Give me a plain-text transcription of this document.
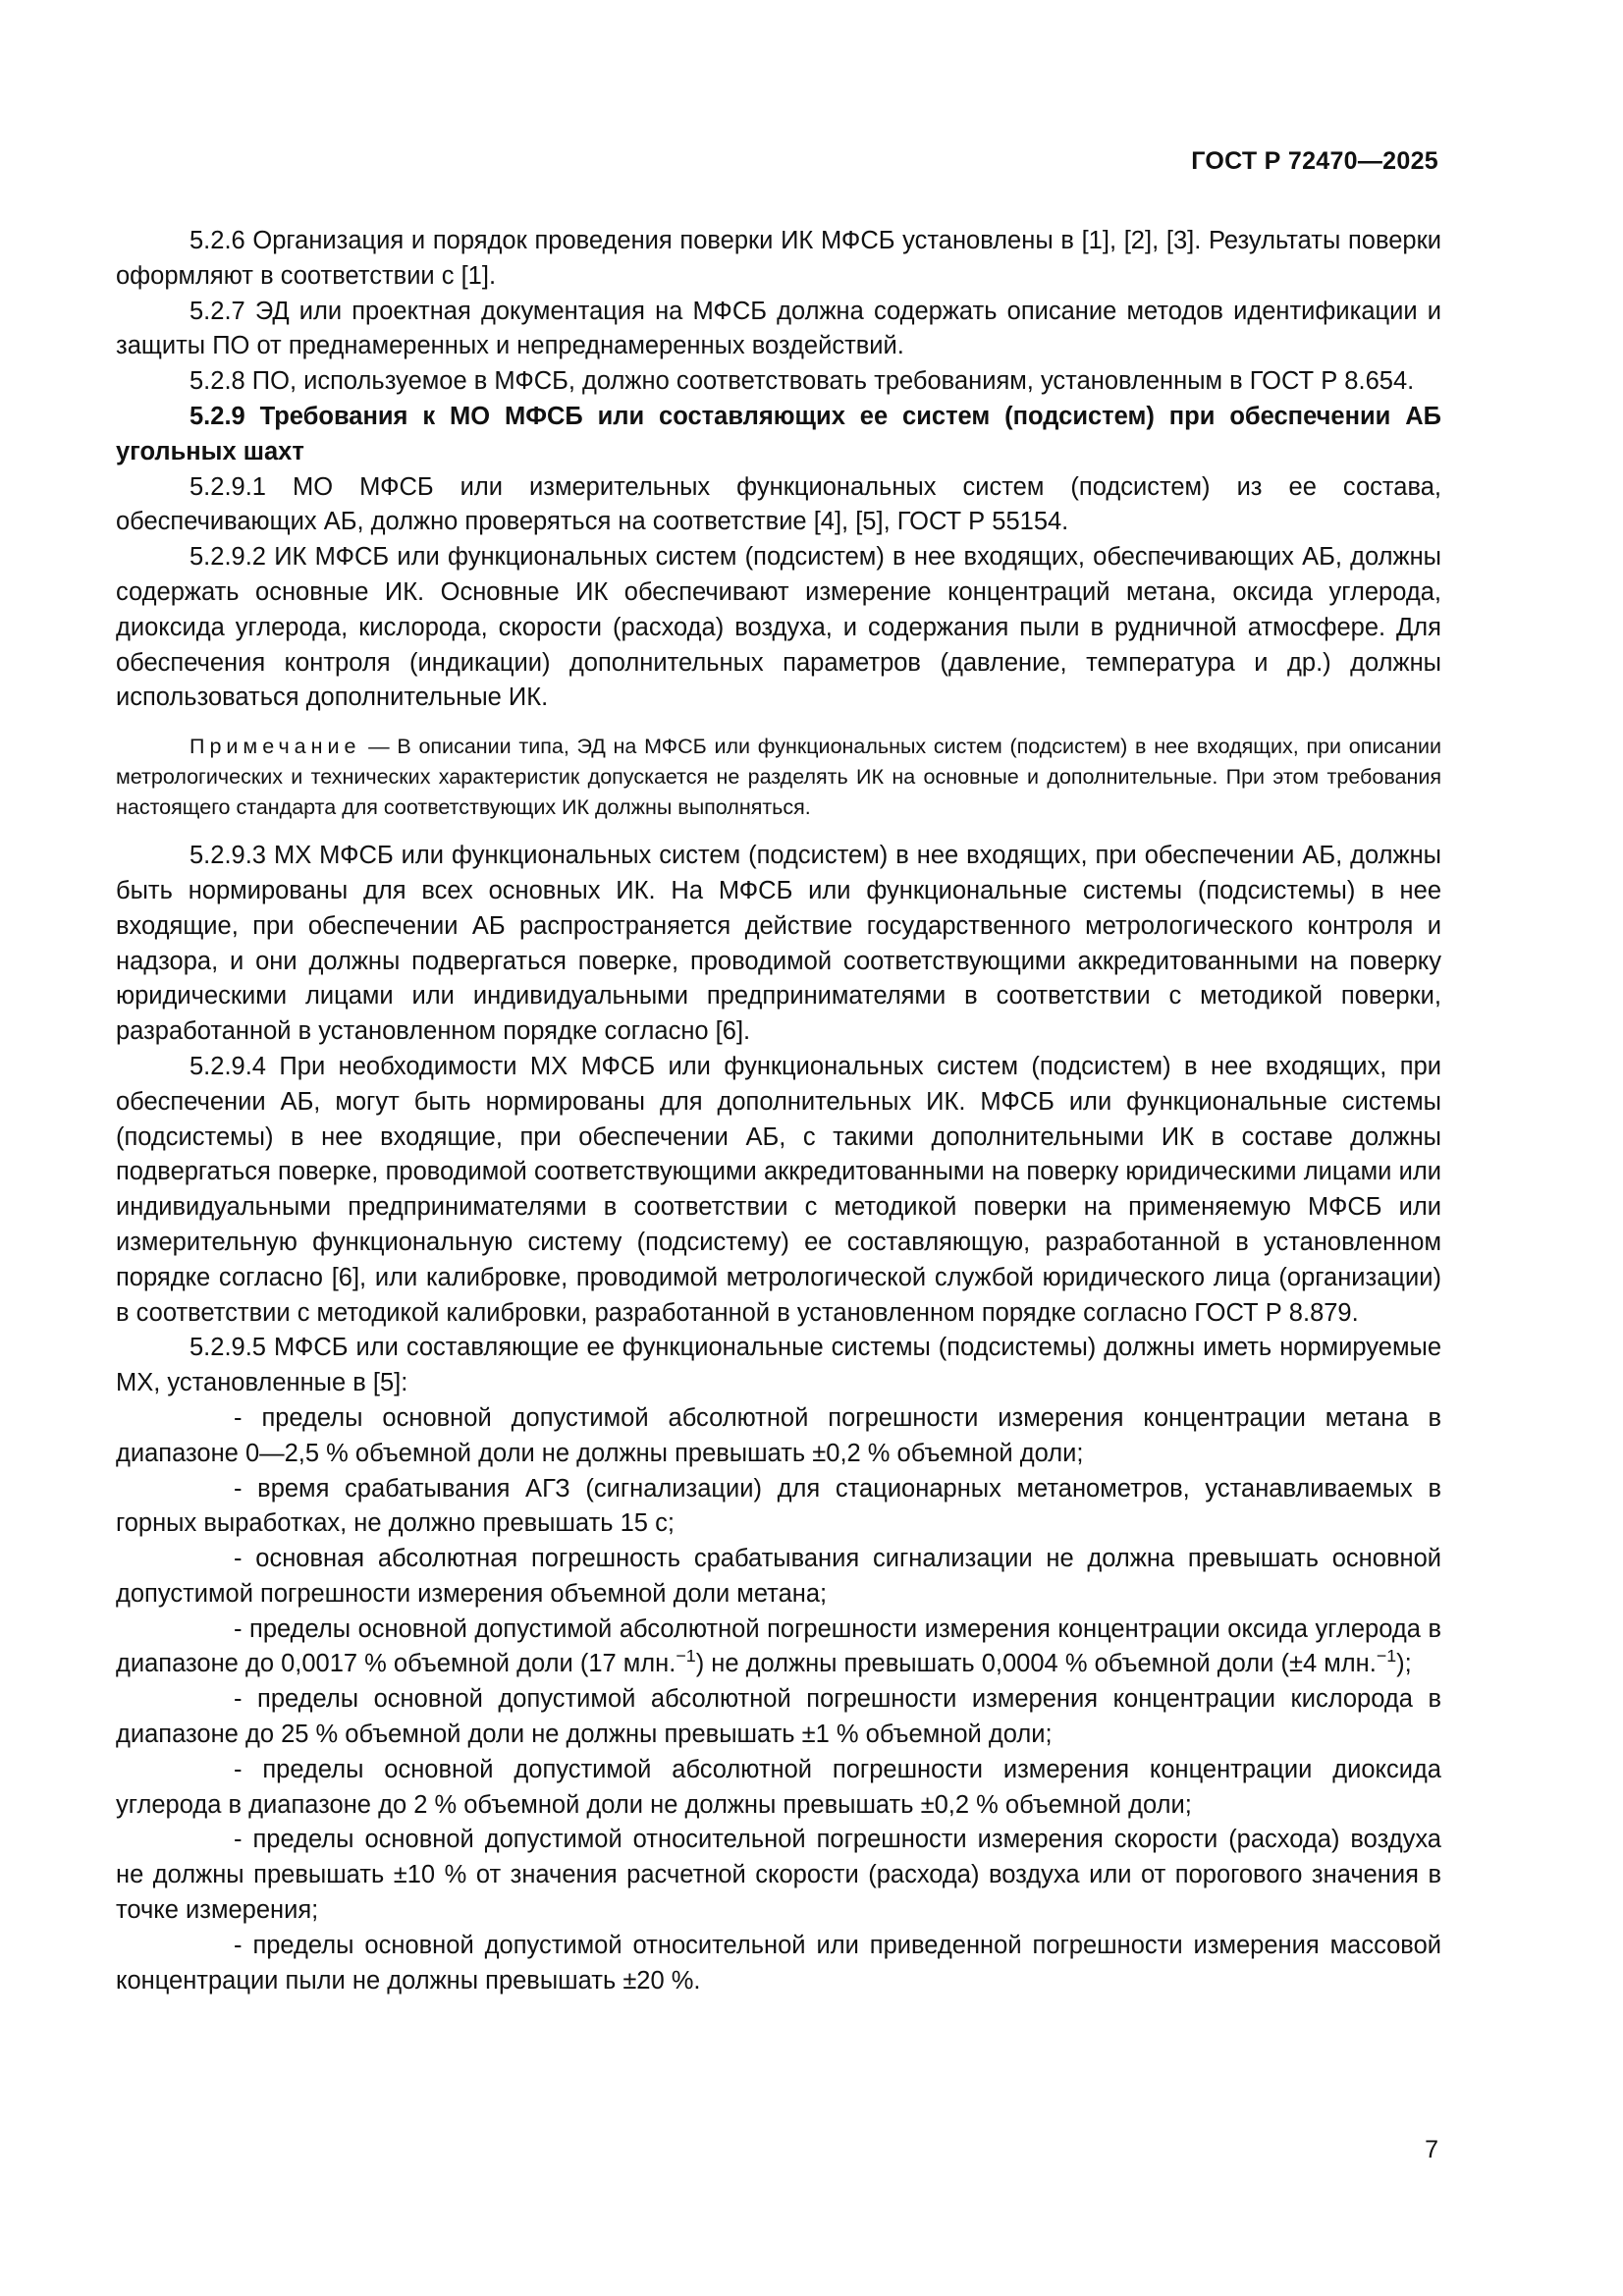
ГОСТ Р 72470—2025

5.2.6 Организация и порядок проведения поверки ИК МФСБ установлены в [1], [2], [3]. Результаты поверки оформляют в соответствии с [1].

5.2.7 ЭД или проектная документация на МФСБ должна содержать описание методов идентификации и защиты ПО от преднамеренных и непреднамеренных воздействий.

5.2.8 ПО, используемое в МФСБ, должно соответствовать требованиям, установленным в ГОСТ Р 8.654.

5.2.9 Требования к МО МФСБ или составляющих ее систем (подсистем) при обеспечении АБ угольных шахт

5.2.9.1 МО МФСБ или измерительных функциональных систем (подсистем) из ее состава, обеспечивающих АБ, должно проверяться на соответствие [4], [5], ГОСТ Р 55154.

5.2.9.2 ИК МФСБ или функциональных систем (подсистем) в нее входящих, обеспечивающих АБ, должны содержать основные ИК. Основные ИК обеспечивают измерение концентраций метана, оксида углерода, диоксида углерода, кислорода, скорости (расхода) воздуха, и содержания пыли в рудничной атмосфере. Для обеспечения контроля (индикации) дополнительных параметров (давление, температура и др.) должны использоваться дополнительные ИК.

Примечание — В описании типа, ЭД на МФСБ или функциональных систем (подсистем) в нее входящих, при описании метрологических и технических характеристик допускается не разделять ИК на основные и дополнительные. При этом требования настоящего стандарта для соответствующих ИК должны выполняться.

5.2.9.3 МХ МФСБ или функциональных систем (подсистем) в нее входящих, при обеспечении АБ, должны быть нормированы для всех основных ИК. На МФСБ или функциональные системы (подсистемы) в нее входящие, при обеспечении АБ распространяется действие государственного метрологического контроля и надзора, и они должны подвергаться поверке, проводимой соответствующими аккредитованными на поверку юридическими лицами или индивидуальными предпринимателями в соответствии с методикой поверки, разработанной в установленном порядке согласно [6].

5.2.9.4 При необходимости МХ МФСБ или функциональных систем (подсистем) в нее входящих, при обеспечении АБ, могут быть нормированы для дополнительных ИК. МФСБ или функциональные системы (подсистемы) в нее входящие, при обеспечении АБ, с такими дополнительными ИК в составе должны подвергаться поверке, проводимой соответствующими аккредитованными на поверку юридическими лицами или индивидуальными предпринимателями в соответствии с методикой поверки на применяемую МФСБ или измерительную функциональную систему (подсистему) ее составляющую, разработанной в установленном порядке согласно [6], или калибровке, проводимой метрологической службой юридического лица (организации) в соответствии с методикой калибровки, разработанной в установленном порядке согласно ГОСТ Р 8.879.

5.2.9.5 МФСБ или составляющие ее функциональные системы (подсистемы) должны иметь нормируемые МХ, установленные в [5]:

- пределы основной допустимой абсолютной погрешности измерения концентрации метана в диапазоне 0—2,5 % объемной доли не должны превышать ±0,2 % объемной доли;

- время срабатывания АГЗ (сигнализации) для стационарных метанометров, устанавливаемых в горных выработках, не должно превышать 15 с;

- основная абсолютная погрешность срабатывания сигнализации не должна превышать основной допустимой погрешности измерения объемной доли метана;

- пределы основной допустимой абсолютной погрешности измерения концентрации оксида углерода в диапазоне до 0,0017 % объемной доли (17 млн.$^{-1}$) не должны превышать 0,0004 % объемной доли (±4 млн.$^{-1}$);

- пределы основной допустимой абсолютной погрешности измерения концентрации кислорода в диапазоне до 25 % объемной доли не должны превышать ±1 % объемной доли;

- пределы основной допустимой абсолютной погрешности измерения концентрации диоксида углерода в диапазоне до 2 % объемной доли не должны превышать ±0,2 % объемной доли;

- пределы основной допустимой относительной погрешности измерения скорости (расхода) воздуха не должны превышать ±10 % от значения расчетной скорости (расхода) воздуха или от порогового значения в точке измерения;

- пределы основной допустимой относительной или приведенной погрешности измерения массовой концентрации пыли не должны превышать ±20 %.

7
